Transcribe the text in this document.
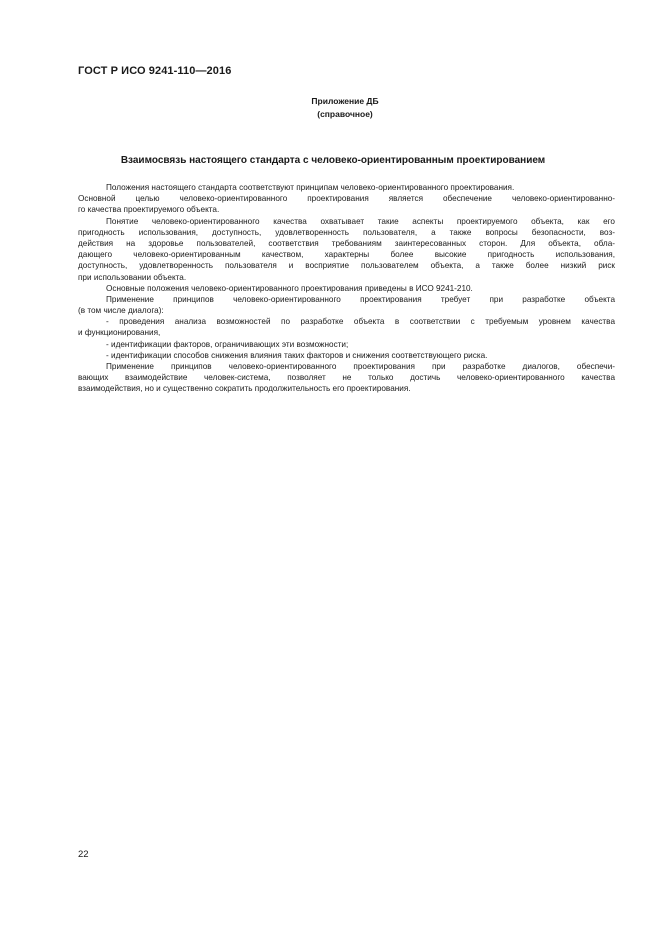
ГОСТ Р ИСО 9241-110—2016
Приложение ДБ
(справочное)
Взаимосвязь настоящего стандарта с человеко-ориентированным проектированием
Положения настоящего стандарта соответствуют принципам человеко-ориентированного проектирования.
Основной целью человеко-ориентированного проектирования является обеспечение человеко-ориентированно-
го качества проектируемого объекта.
Понятие человеко-ориентированного качества охватывает такие аспекты проектируемого объекта, как его
пригодность использования, доступность, удовлетворенность пользователя, а также вопросы безопасности, воз-
действия на здоровье пользователей, соответствия требованиям заинтересованных сторон. Для объекта, обла-
дающего человеко-ориентированным качеством, характерны более высокие пригодность использования,
доступность, удовлетворенность пользователя и восприятие пользователем объекта, а также более низкий риск
при использовании объекта.
Основные положения человеко-ориентированного проектирования приведены в ИСО 9241-210.
Применение принципов человеко-ориентированного проектирования требует при разработке объекта
(в том числе диалога):
- проведения анализа возможностей по разработке объекта в соответствии с требуемым уровнем качества
и функционирования,
- идентификации факторов, ограничивающих эти возможности;
- идентификации способов снижения влияния таких факторов и снижения соответствующего риска.
Применение принципов человеко-ориентированного проектирования при разработке диалогов, обеспечи-
вающих взаимодействие человек-система, позволяет не только достичь человеко-ориентированного качества
взаимодействия, но и существенно сократить продолжительность его проектирования.
22
